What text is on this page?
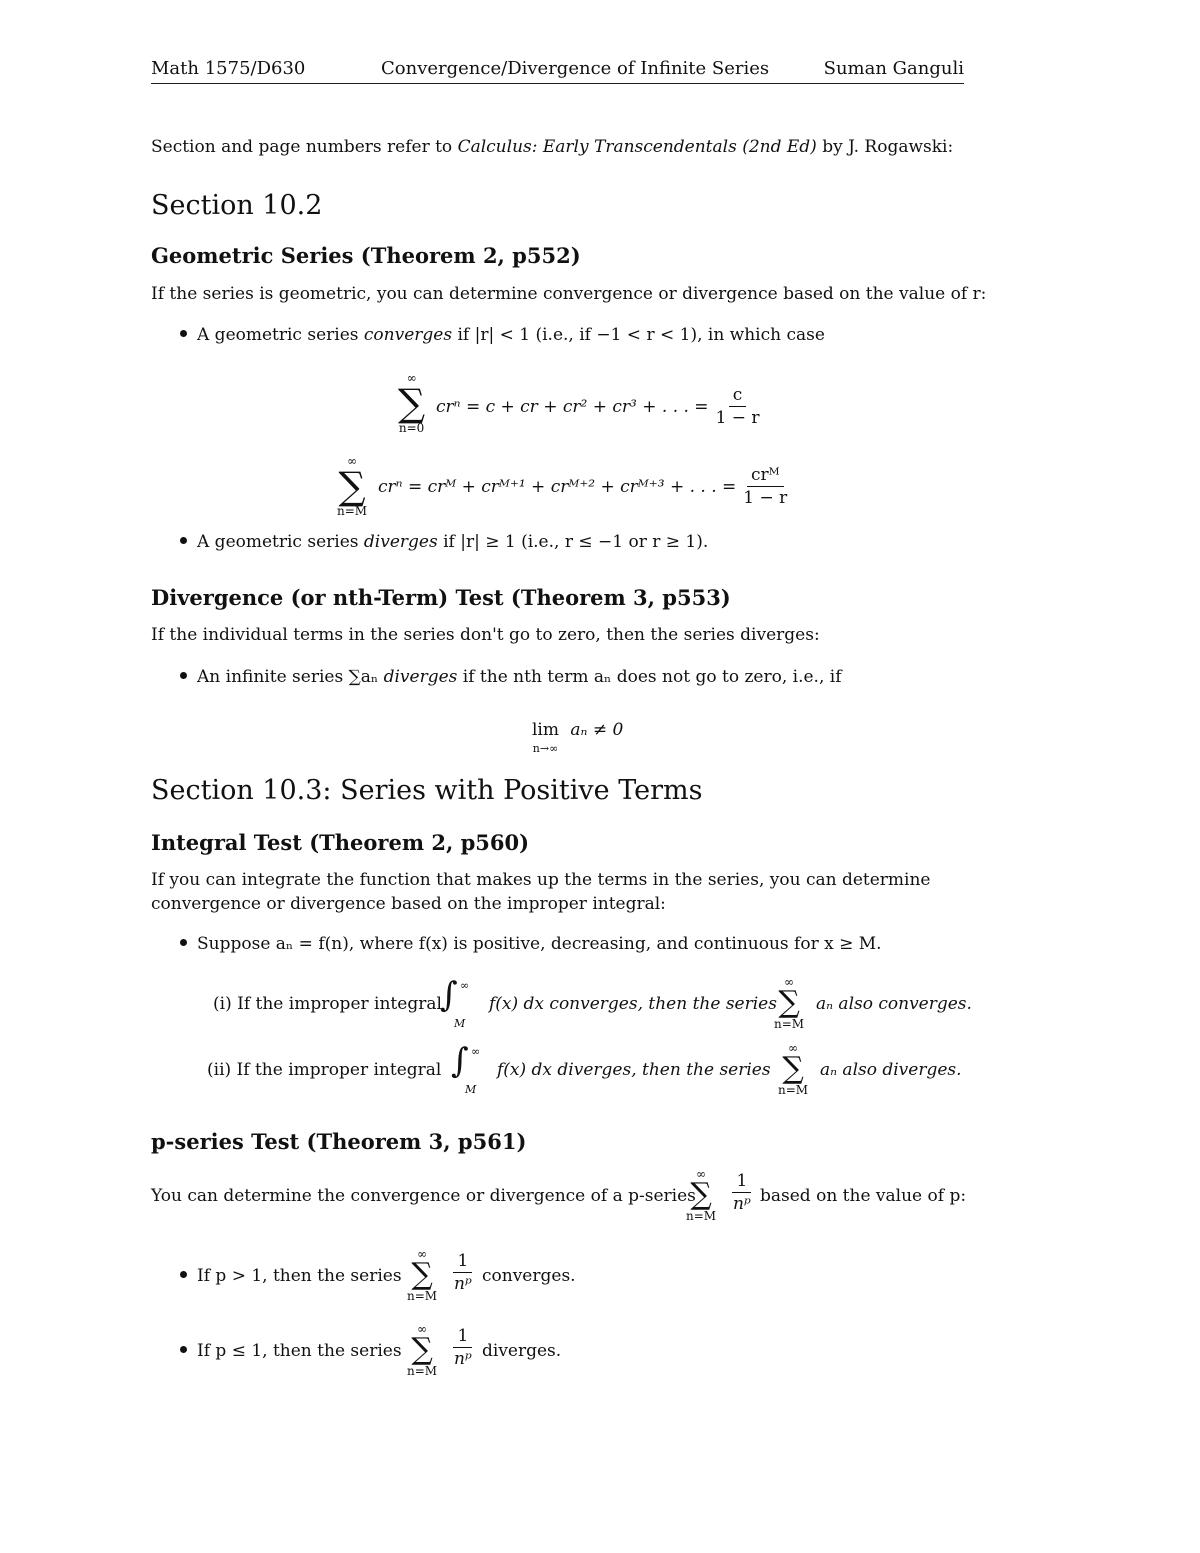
Math 1575/D630	Convergence/Divergence of Infinite Series	Suman Ganguli
Section and page numbers refer to Calculus: Early Transcendentals (2nd Ed) by J. Rogawski:
Section 10.2
Geometric Series (Theorem 2, p552)
If the series is geometric, you can determine convergence or divergence based on the value of r:
A geometric series converges if |r| < 1 (i.e., if −1 < r < 1), in which case
∞
∑
n=0
crⁿ = c + cr + cr² + cr³ + . . . = $\frac{c}{1 - r}$
∞
∑
n=M
crⁿ = crᴹ + crᴹ⁺¹ + crᴹ⁺² + crᴹ⁺³ + . . . = $\frac{\text{crᴹ}}{1 - r}$
A geometric series diverges if |r| ≥ 1 (i.e., r ≤ −1 or r ≥ 1).
Divergence (or nth-Term) Test (Theorem 3, p553)
If the individual terms in the series don't go to zero, then the series diverges:
An infinite series ∑aₙ diverges if the nth term aₙ does not go to zero, i.e., if
lim
n→∞ aₙ ≠ 0
Section 10.3: Series with Positive Terms
Integral Test (Theorem 2, p560)
If you can integrate the function that makes up the terms in the series, you can determine
convergence or divergence based on the improper integral:
Suppose aₙ = f(n), where f(x) is positive, decreasing, and continuous for x ≥ M.
(i) If the improper integral
∫ ∞
M
f(x) dx converges, then the series
∞
∑
n=M
aₙ also converges.
(ii) If the improper integral ∫ ∞
M
f(x) dx diverges, then the series
∞
∑
n=M
aₙ also diverges.
p-series Test (Theorem 3, p561)
You can determine the convergence or divergence of a p-series
∞
∑
n=M
$\frac{1}{\text{nᵖ}}$ based on the value of p:
If p > 1, then the series
∞
∑
n=M
$\frac{1}{\text{nᵖ}}$ converges.
If p ≤ 1, then the series
∞
∑
n=M
$\frac{1}{\text{nᵖ}}$ diverges.
